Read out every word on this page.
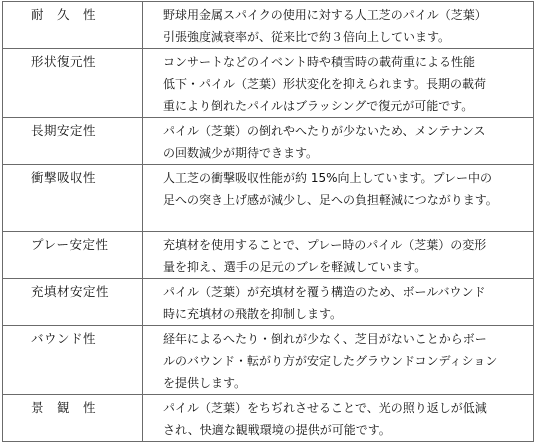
耐　久　性	野球用金属スパイクの使用に対する人工芝のパイル（芝葉）
引張強度減衰率が、従来比で約３倍向上しています。

形状復元性	コンサートなどのイベント時や積雪時の載荷重による性能
低下・パイル（芝葉）形状変化を抑えられます。長期の載荷
重により倒れたパイルはブラッシングで復元が可能です。

長期安定性	パイル（芝葉）の倒れやへたりが少ないため、メンテナンス
の回数減少が期待できます。

衝撃吸収性	人工芝の衝撃吸収性能が約 15%向上しています。プレー中の
足への突き上げ感が減少し、足への負担軽減につながります。

プレー安定性	充填材を使用することで、プレー時のパイル（芝葉）の変形
量を抑え、選手の足元のブレを軽減しています。

充填材安定性	パイル（芝葉）が充填材を覆う構造のため、ボールバウンド
時に充填材の飛散を抑制します。

バウンド性	経年によるへたり・倒れが少なく、芝目がないことからボー
ルのバウンド・転がり方が安定したグラウンドコンディション
を提供します。

景　観　性	パイル（芝葉）をちぢれさせることで、光の照り返しが低減
され、快適な観戦環境の提供が可能です。
